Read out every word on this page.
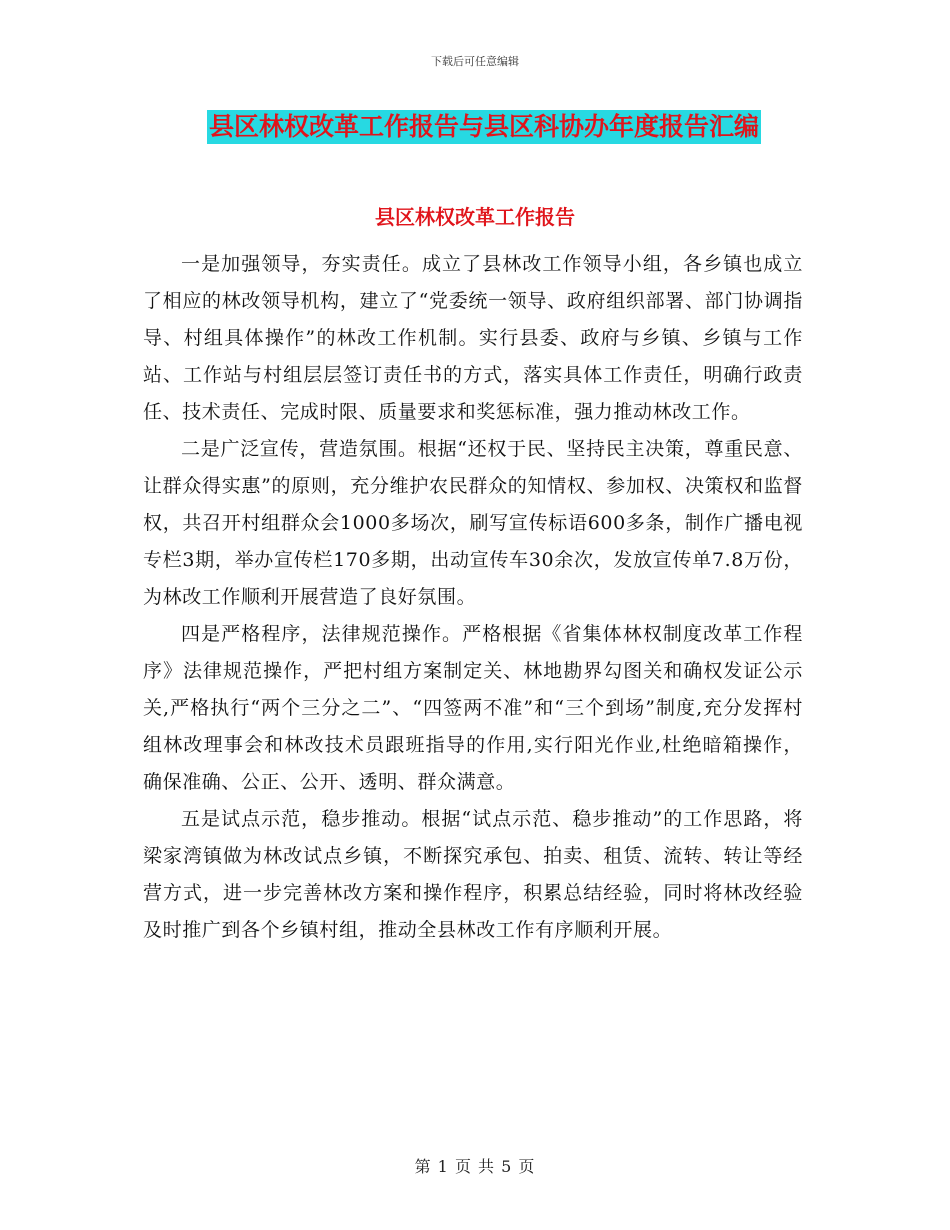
下载后可任意编辑
县区林权改革工作报告与县区科协办年度报告汇编
县区林权改革工作报告

一是加强领导，夯实责任。成立了县林改工作领导小组，各乡镇也成立了相应的林改领导机构，建立了“党委统一领导、政府组织部署、部门协调指导、村组具体操作”的林改工作机制。实行县委、政府与乡镇、乡镇与工作站、工作站与村组层层签订责任书的方式，落实具体工作责任，明确行政责任、技术责任、完成时限、质量要求和奖惩标准，强力推动林改工作。

二是广泛宣传，营造氛围。根据“还权于民、坚持民主决策，尊重民意、让群众得实惠”的原则，充分维护农民群众的知情权、参加权、决策权和监督权，共召开村组群众会1000多场次，刷写宣传标语600多条，制作广播电视专栏3期，举办宣传栏170多期，出动宣传车30余次，发放宣传单7.8万份，为林改工作顺利开展营造了良好氛围。

四是严格程序，法律规范操作。严格根据《省集体林权制度改革工作程序》法律规范操作，严把村组方案制定关、林地勘界勾图关和确权发证公示关,严格执行“两个三分之二”、“四签两不准”和“三个到场”制度,充分发挥村组林改理事会和林改技术员跟班指导的作用,实行阳光作业,杜绝暗箱操作，确保准确、公正、公开、透明、群众满意。

五是试点示范，稳步推动。根据“试点示范、稳步推动”的工作思路，将梁家湾镇做为林改试点乡镇，不断探究承包、拍卖、租赁、流转、转让等经营方式，进一步完善林改方案和操作程序，积累总结经验，同时将林改经验及时推广到各个乡镇村组，推动全县林改工作有序顺利开展。

第 1 页 共 5 页
